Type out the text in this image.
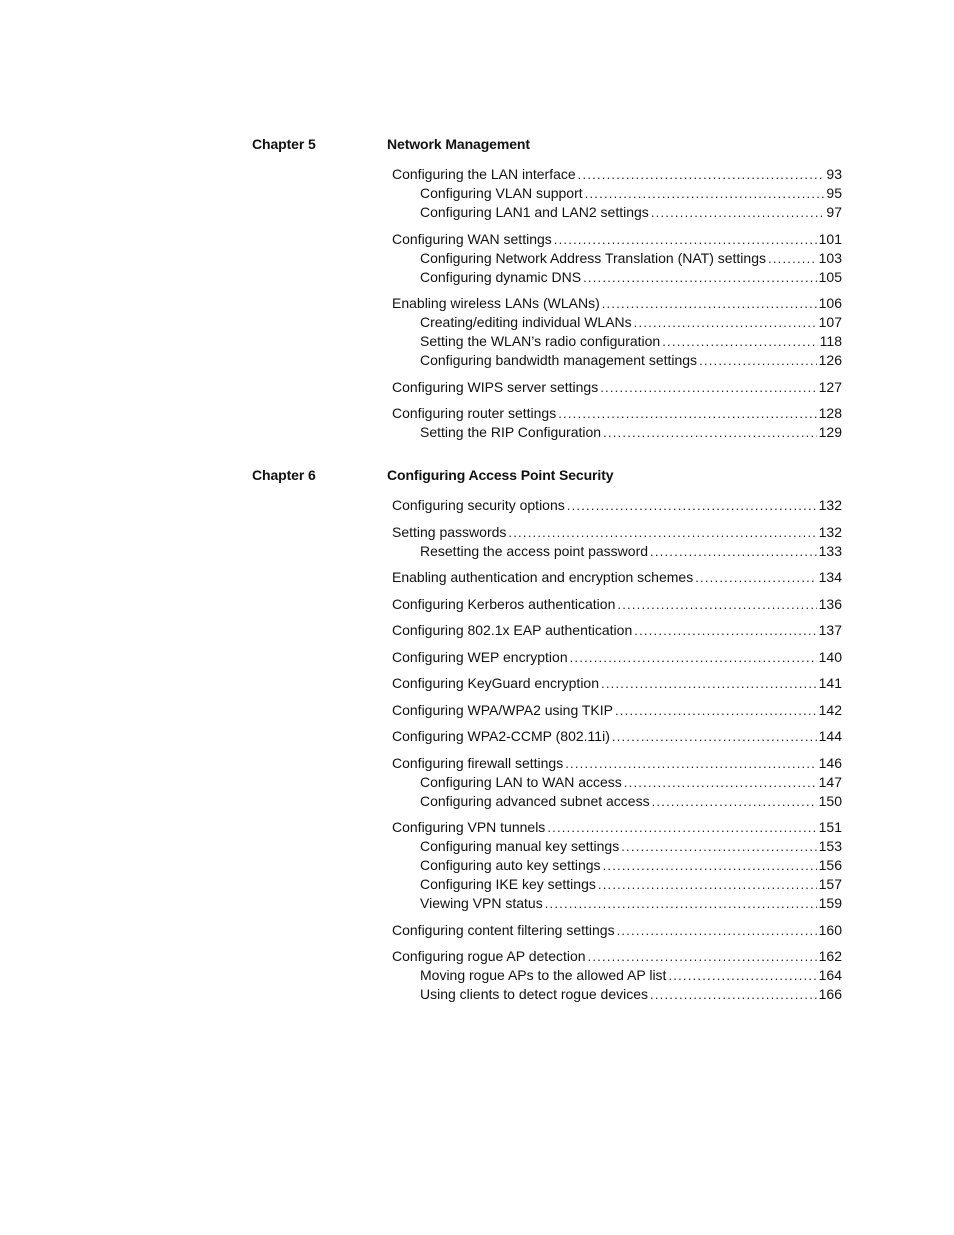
Chapter 5	Network Management
Configuring the LAN interface . . .	93
Configuring VLAN support . . .	95
Configuring LAN1 and LAN2 settings . . .	97
Configuring WAN settings . . .	101
Configuring Network Address Translation (NAT) settings . . .	103
Configuring dynamic DNS . . .	105
Enabling wireless LANs (WLANs) . . .	106
Creating/editing individual WLANs . . .	107
Setting the WLAN’s radio configuration . . .	118
Configuring bandwidth management settings . . .	126
Configuring WIPS server settings . . .	127
Configuring router settings . . .	128
Setting the RIP Configuration . . .	129
Chapter 6	Configuring Access Point Security
Configuring security options . . .	132
Setting passwords . . .	132
Resetting the access point password . . .	133
Enabling authentication and encryption schemes . . .	134
Configuring Kerberos authentication . . .	136
Configuring 802.1x EAP authentication . . .	137
Configuring WEP encryption . . .	140
Configuring KeyGuard encryption . . .	141
Configuring WPA/WPA2 using TKIP . . .	142
Configuring WPA2-CCMP (802.11i) . . .	144
Configuring firewall settings . . .	146
Configuring LAN to WAN access . . .	147
Configuring advanced subnet access . . .	150
Configuring VPN tunnels . . .	151
Configuring manual key settings . . .	153
Configuring auto key settings . . .	156
Configuring IKE key settings . . .	157
Viewing VPN status . . .	159
Configuring content filtering settings . . .	160
Configuring rogue AP detection . . .	162
Moving rogue APs to the allowed AP list . . .	164
Using clients to detect rogue devices . . .	166
